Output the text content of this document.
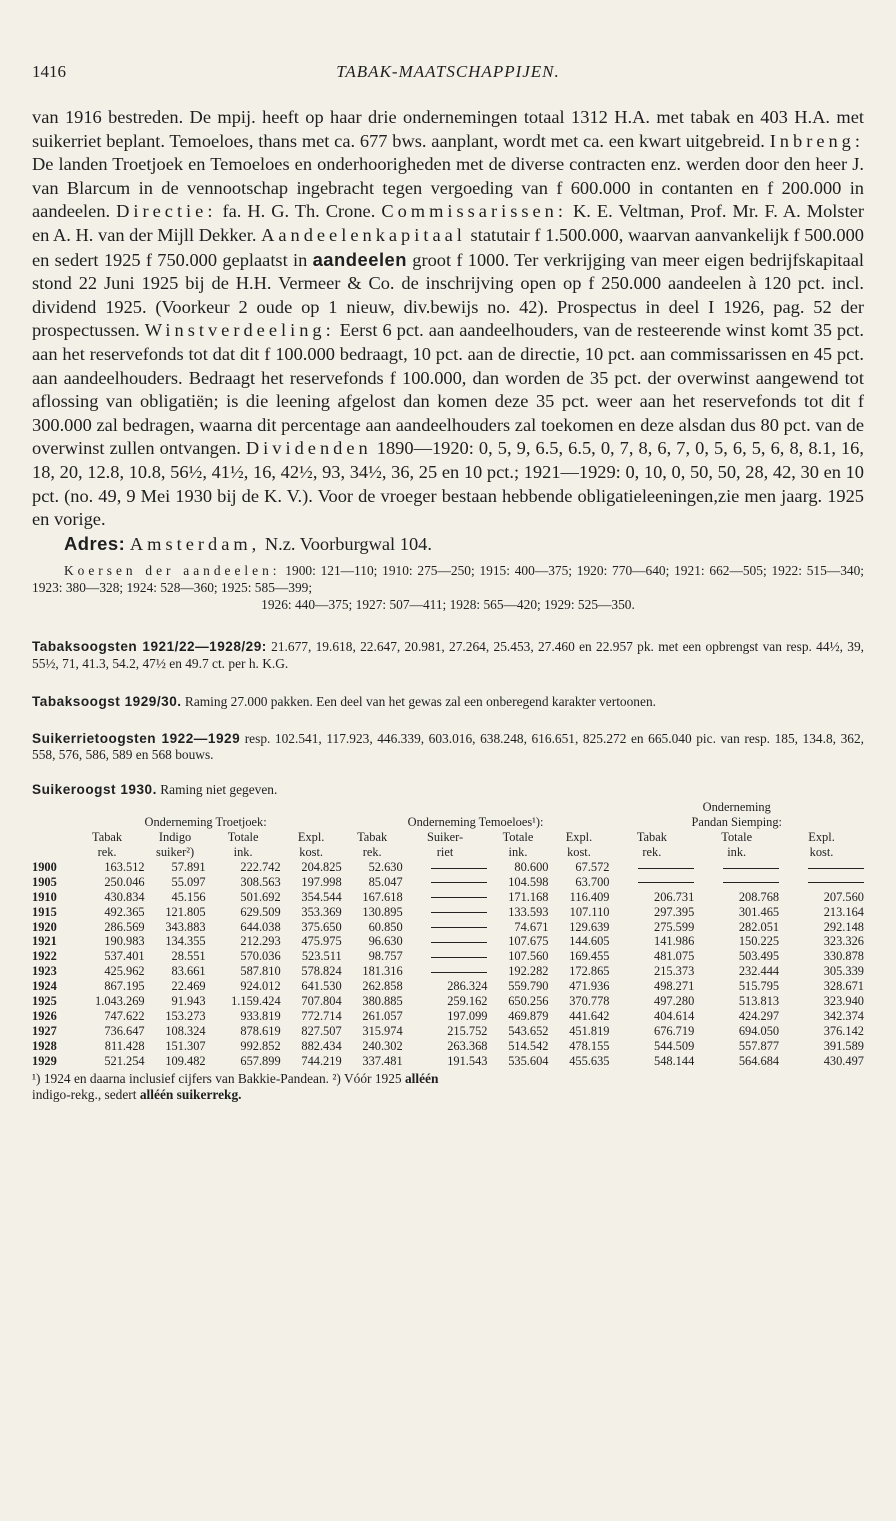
1416	TABAK-MAATSCHAPPIJEN.

van 1916 bestreden. De mpij. heeft op haar drie ondernemingen totaal 1312 H.A. met tabak en 403 H.A. met suikerriet beplant. Temoeloes, thans met ca. 677 bws. aanplant, wordt met ca. een kwart uitgebreid. Inbreng: De landen Troetjoek en Temoeloes en onderhoorigheden met de diverse contracten enz. werden door den heer J. van Blarcum in de vennootschap ingebracht tegen vergoeding van f 600.000 in contanten en f 200.000 in aandeelen. Directie: fa. H. G. Th. Crone. Commissarissen: K. E. Veltman, Prof. Mr. F. A. Molster en A. H. van der Mijll Dekker. Aandeelenkapitaal statutair f 1.500.000, waarvan aanvankelijk f 500.000 en sedert 1925 f 750.000 geplaatst in aandeelen groot f 1000. Ter verkrijging van meer eigen bedrijfskapitaal stond 22 Juni 1925 bij de H.H. Vermeer & Co. de inschrijving open op f 250.000 aandeelen à 120 pct. incl. dividend 1925. (Voorkeur 2 oude op 1 nieuw, div.bewijs no. 42). Prospectus in deel I 1926, pag. 52 der prospectussen. Winstverdeeling: Eerst 6 pct. aan aandeelhouders, van de resteerende winst komt 35 pct. aan het reservefonds tot dat dit f 100.000 bedraagt, 10 pct. aan de directie, 10 pct. aan commissarissen en 45 pct. aan aandeelhouders. Bedraagt het reservefonds f 100.000, dan worden de 35 pct. der overwinst aangewend tot aflossing van obligatiën; is die leening afgelost dan komen deze 35 pct. weer aan het reservefonds tot dit f 300.000 zal bedragen, waarna dit percentage aan aandeelhouders zal toekomen en deze alsdan dus 80 pct. van de overwinst zullen ontvangen. Dividenden 1890—1920: 0, 5, 9, 6.5, 6.5, 0, 7, 8, 6, 7, 0, 5, 6, 5, 6, 8, 8.1, 16, 18, 20, 12.8, 10.8, 56½, 41½, 16, 42½, 93, 34½, 36, 25 en 10 pct.; 1921—1929: 0, 10, 0, 50, 50, 28, 42, 30 en 10 pct. (no. 49, 9 Mei 1930 bij de K. V.). Voor de vroeger bestaan hebbende obligatieleeningen,zie men jaarg. 1925 en vorige.

Adres: Amsterdam, N.z. Voorburgwal 104.

Koersen der aandeelen: 1900: 121—110; 1910: 275—250; 1915: 400—375; 1920: 770—640; 1921: 662—505; 1922: 515—340; 1923: 380—328; 1924: 528—360; 1925: 585—399;

1926: 440—375; 1927: 507—411; 1928: 565—420; 1929: 525—350.

Tabaksoogsten 1921/22—1928/29: 21.677, 19.618, 22.647, 20.981, 27.264, 25.453, 27.460 en 22.957 pk. met een opbrengst van resp. 44½, 39, 55½, 71, 41.3, 54.2, 47½ en 49.7 ct. per h. K.G.

Tabaksoogst 1929/30. Raming 27.000 pakken. Een deel van het gewas zal een onberegend karakter vertoonen.

Suikerrietoogsten 1922—1929 resp. 102.541, 117.923, 446.339, 603.016, 638.248, 616.651, 825.272 en 665.040 pic. van resp. 185, 134.8, 362, 558, 576, 586, 589 en 568 bouws.

Suikeroogst 1930. Raming niet gegeven.

									Onderneming		
	Onderneming Troetjoek:				Onderneming Temoeloes¹):				Pandan Siemping:		
	Tabak	Indigo	Totale	Expl.	Tabak	Suiker-	Totale	Expl.	Tabak	Totale	Expl.
	rek.	suiker²)	ink.	kost.	rek.	riet	ink.	kost.	rek.	ink.	kost.
1900	163.512	57.891	222.742	204.825	52.630		80.600	67.572			
1905	250.046	55.097	308.563	197.998	85.047		104.598	63.700			
1910	430.834	45.156	501.692	354.544	167.618		171.168	116.409	206.731	208.768	207.560
1915	492.365	121.805	629.509	353.369	130.895		133.593	107.110	297.395	301.465	213.164
1920	286.569	343.883	644.038	375.650	60.850		74.671	129.639	275.599	282.051	292.148
1921	190.983	134.355	212.293	475.975	96.630		107.675	144.605	141.986	150.225	323.326
1922	537.401	28.551	570.036	523.511	98.757		107.560	169.455	481.075	503.495	330.878
1923	425.962	83.661	587.810	578.824	181.316		192.282	172.865	215.373	232.444	305.339
1924	867.195	22.469	924.012	641.530	262.858	286.324	559.790	471.936	498.271	515.795	328.671
1925	1.043.269	91.943	1.159.424	707.804	380.885	259.162	650.256	370.778	497.280	513.813	323.940
1926	747.622	153.273	933.819	772.714	261.057	197.099	469.879	441.642	404.614	424.297	342.374
1927	736.647	108.324	878.619	827.507	315.974	215.752	543.652	451.819	676.719	694.050	376.142
1928	811.428	151.307	992.852	882.434	240.302	263.368	514.542	478.155	544.509	557.877	391.589
1929	521.254	109.482	657.899	744.219	337.481	191.543	535.604	455.635	548.144	564.684	430.497
¹) 1924 en daarna inclusief cijfers van Bakkie-Pandean. ²) Vóór 1925 alléén
indigo-rekg., sedert alléén suikerrekg.
